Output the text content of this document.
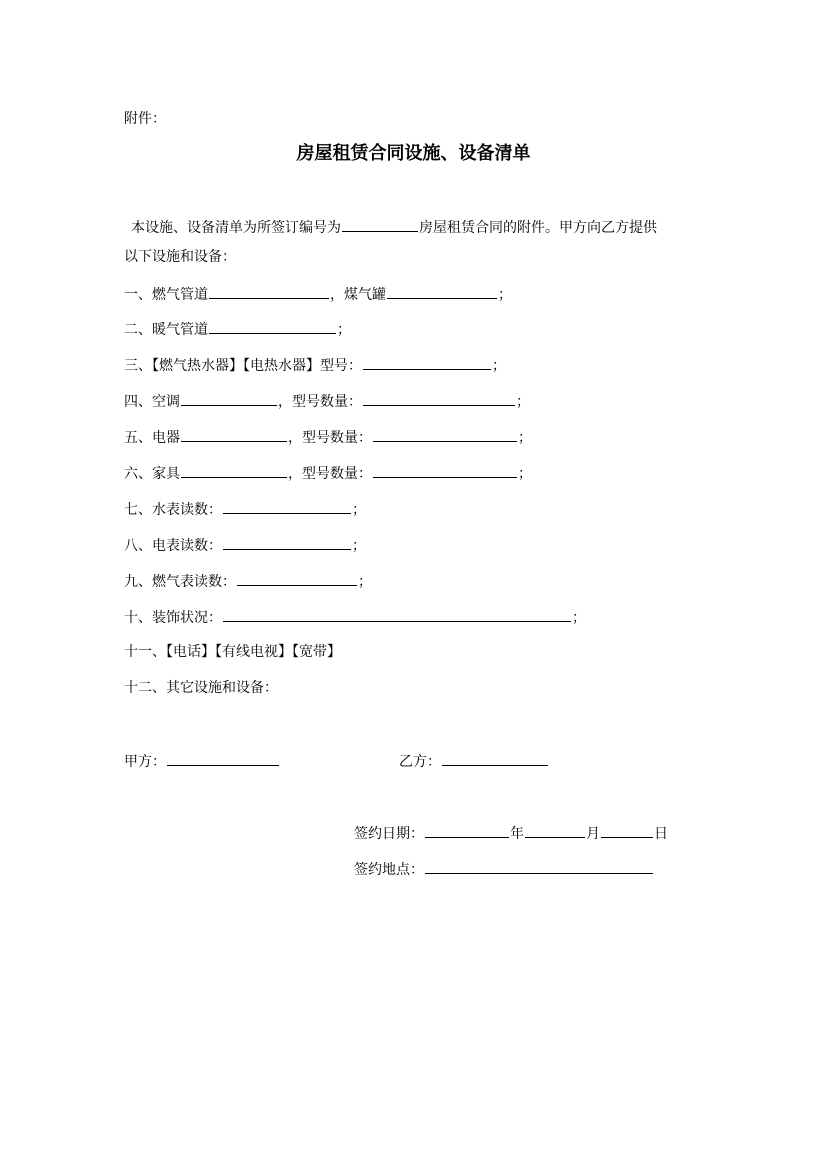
附件：
房屋租赁合同设施、设备清单
本设施、设备清单为所签订编号为	房屋租赁合同的附件。甲方向乙方提供
以下设施和设备：
一、燃气管道	，煤气罐	；
二、暖气管道	；
三、【燃气热水器】【电热水器】型号：	；
四、空调	，型号数量：	；
五、电器	，型号数量：	；
六、家具	，型号数量：	；
七、水表读数：	；
八、电表读数：	；
九、燃气表读数：	；
十、装饰状况：	；
十一、【电话】【有线电视】【宽带】
十二、其它设施和设备：
甲方：	乙方：
签约日期：	年	月	日
签约地点：
